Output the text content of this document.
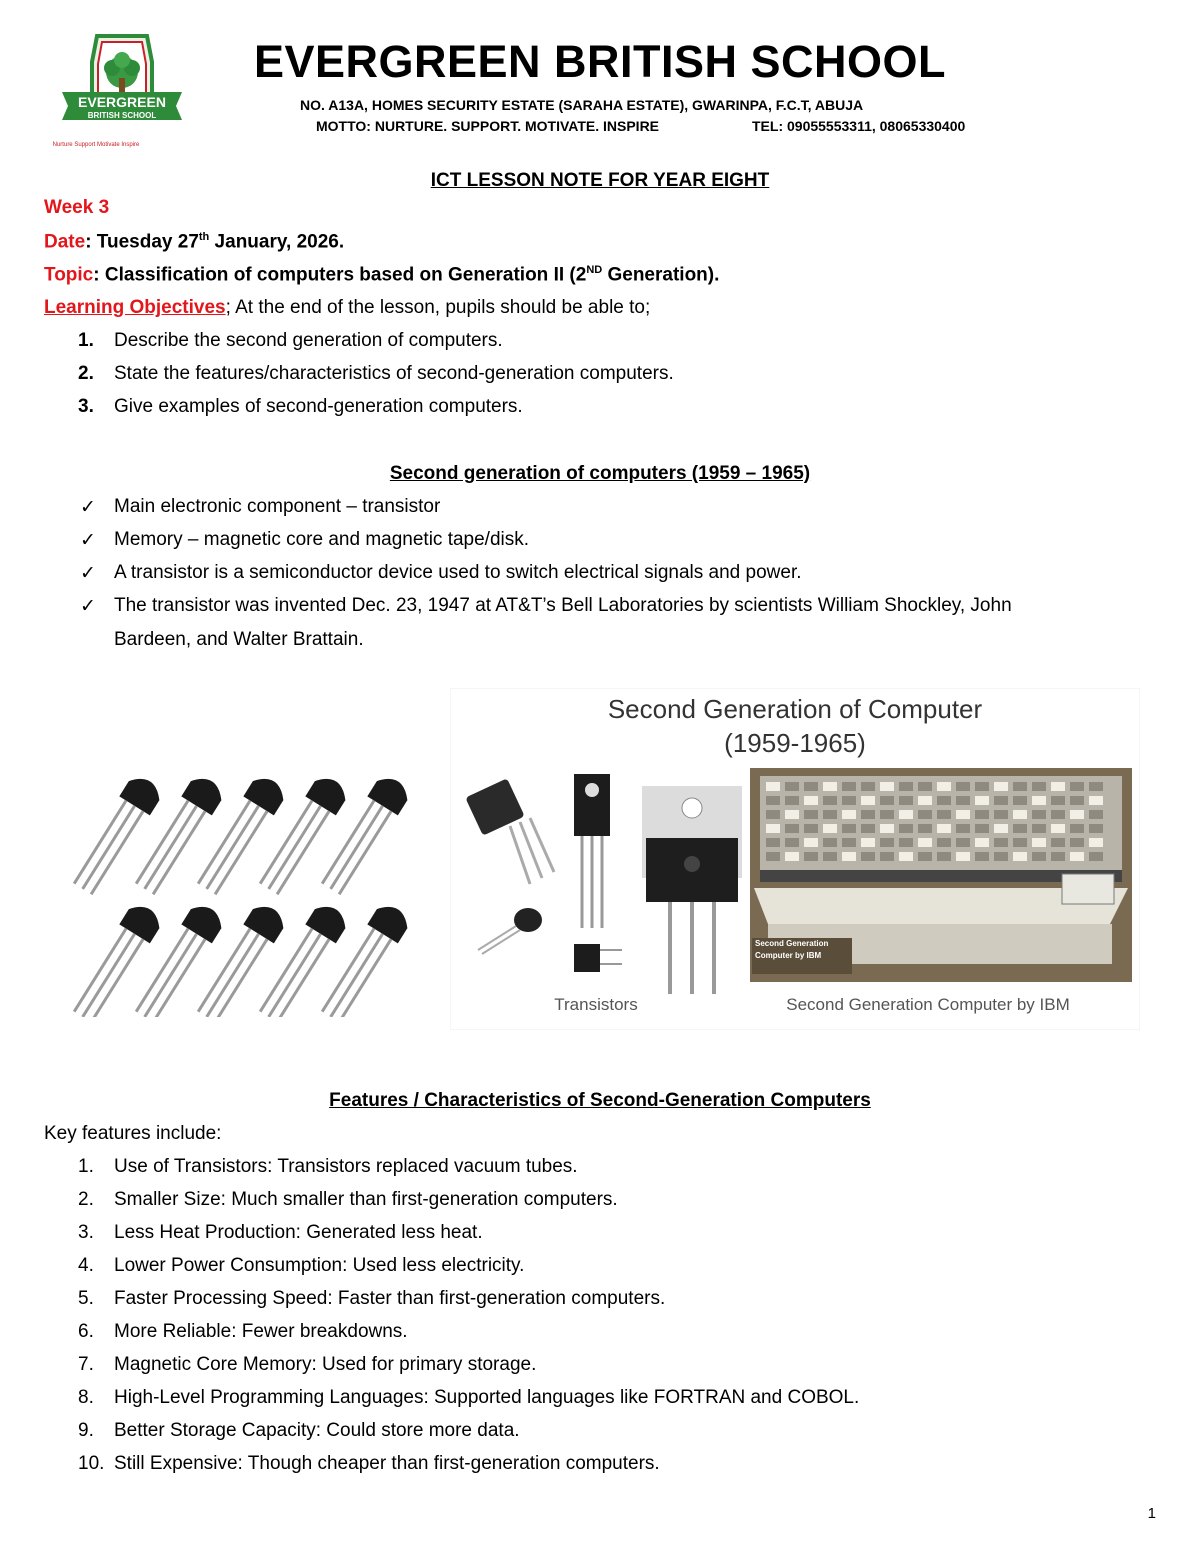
EVERGREEN
BRITISH SCHOOL
Nurture Support Motivate Inspire
EVERGREEN BRITISH SCHOOL
NO. A13A, HOMES SECURITY ESTATE (SARAHA ESTATE), GWARINPA, F.C.T, ABUJA
MOTTO: NURTURE. SUPPORT. MOTIVATE. INSPIRE	TEL: 09055553311, 08065330400
ICT LESSON NOTE FOR YEAR EIGHT
Week 3
Date: Tuesday 27th January, 2026.
Topic: Classification of computers based on Generation II (2ND Generation).
Learning Objectives; At the end of the lesson, pupils should be able to;
1. Describe the second generation of computers.
2. State the features/characteristics of second-generation computers.
3. Give examples of second-generation computers.
Second generation of computers (1959 – 1965)
✓ Main electronic component – transistor
✓ Memory – magnetic core and magnetic tape/disk.
✓ A transistor is a semiconductor device used to switch electrical signals and power.
✓ The transistor was invented Dec. 23, 1947 at AT&T’s Bell Laboratories by scientists William Shockley, John
Bardeen, and Walter Brattain.
Second Generation of Computer
(1959-1965)
Second Generation
Computer by IBM
Transistors	Second Generation Computer by IBM
Features / Characteristics of Second-Generation Computers
Key features include:
1. Use of Transistors: Transistors replaced vacuum tubes.
2. Smaller Size: Much smaller than first-generation computers.
3. Less Heat Production: Generated less heat.
4. Lower Power Consumption: Used less electricity.
5. Faster Processing Speed: Faster than first-generation computers.
6. More Reliable: Fewer breakdowns.
7. Magnetic Core Memory: Used for primary storage.
8. High-Level Programming Languages: Supported languages like FORTRAN and COBOL.
9. Better Storage Capacity: Could store more data.
10. Still Expensive: Though cheaper than first-generation computers.
1
